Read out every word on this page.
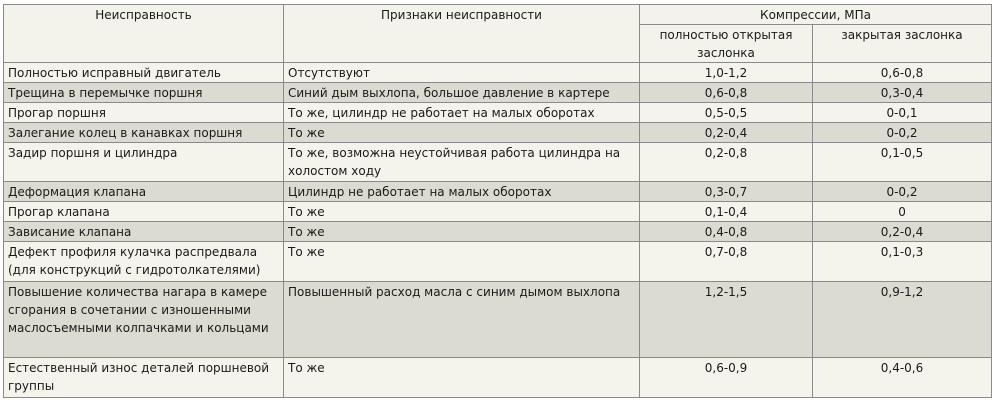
Неисправность	Признаки неисправности	Компрессии, МПа	
		полностью открытая заслонка	закрытая заслонка
Полностью исправный двигатель	Отсутствуют	1,0-1,2	0,6-0,8
Трещина в перемычке поршня	Синий дым выхлопа, большое давление в картере	0,6-0,8	0,3-0,4
Прогар поршня	То же, цилиндр не работает на малых оборотах	0,5-0,5	0-0,1
Залегание колец в канавках поршня	То же	0,2-0,4	0-0,2
Задир поршня и цилиндра	То же, возможна неустойчивая работа цилиндра на холостом ходу	0,2-0,8	0,1-0,5
Деформация клапана	Цилиндр не работает на малых оборотах	0,3-0,7	0-0,2
Прогар клапана	То же	0,1-0,4	0
Зависание клапана	То же	0,4-0,8	0,2-0,4
Дефект профиля кулачка распредвала (для конструкций с гидротолкателями)	То же	0,7-0,8	0,1-0,3
Повышение количества нагара в камере сгорания в сочетании с изношенными маслосъемными колпачками и кольцами	Повышенный расход масла с синим дымом выхлопа	1,2-1,5	0,9-1,2
Естественный износ деталей поршневой группы	То же	0,6-0,9	0,4-0,6
